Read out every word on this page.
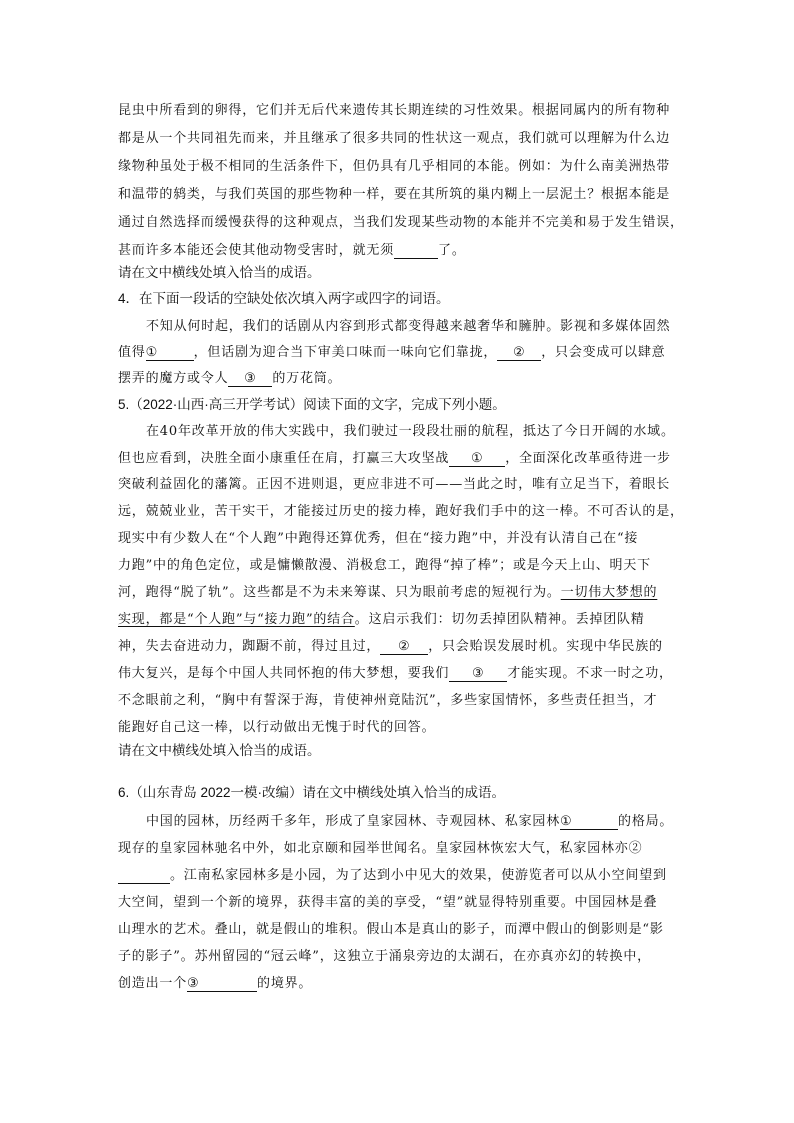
昆虫中所看到的卵得，它们并无后代来遗传其长期连续的习性效果。根据同属内的所有物种
都是从一个共同祖先而来，并且继承了很多共同的性状这一观点，我们就可以理解为什么边
缘物种虽处于极不相同的生活条件下，但仍具有几乎相同的本能。例如：为什么南美洲热带
和温带的鸫类，与我们英国的那些物种一样，要在其所筑的巢内糊上一层泥土？根据本能是
通过自然选择而缓慢获得的这种观点，当我们发现某些动物的本能并不完美和易于发生错误，
甚而许多本能还会使其他动物受害时，就无须	了。
请在文中横线处填入恰当的成语。
4．在下面一段话的空缺处依次填入两字或四字的词语。
不知从何时起，我们的话剧从内容到形式都变得越来越奢华和臃肿。影视和多媒体固然
值得①	，但话剧为迎合当下审美口味而一味向它们靠拢， ② ，只会变成可以肆意
摆弄的魔方或令人 ③ 的万花筒。
5.（2022·山西·高三开学考试）阅读下面的文字，完成下列小题。
在40年改革开放的伟大实践中，我们驶过一段段壮丽的航程，抵达了今日开阔的水域。
但也应看到，决胜全面小康重任在肩，打赢三大攻坚战 ① ，全面深化改革亟待进一步
突破利益固化的藩篱。正因不进则退，更应非进不可——当此之时，唯有立足当下，着眼长
远，兢兢业业，苦干实干，才能接过历史的接力棒，跑好我们手中的这一棒。不可否认的是，
现实中有少数人在“个人跑”中跑得还算优秀，但在“接力跑”中，并没有认清自己在“接
力跑”中的角色定位，或是慵懒散漫、消极怠工，跑得“掉了棒”；或是今天上山、明天下
河，跑得“脱了轨”。这些都是不为未来筹谋、只为眼前考虑的短视行为。一切伟大梦想的
实现，都是“个人跑”与“接力跑”的结合。这启示我们：切勿丢掉团队精神。丢掉团队精
神，失去奋进动力，踟蹰不前，得过且过， ② ，只会贻误发展时机。实现中华民族的
伟大复兴，是每个中国人共同怀抱的伟大梦想，要我们 ③ 才能实现。不求一时之功，
不念眼前之利，“胸中有誓深于海，肯使神州竟陆沉”，多些家国情怀，多些责任担当，才
能跑好自己这一棒，以行动做出无愧于时代的回答。
请在文中横线处填入恰当的成语。
6.（山东青岛 2022一模·改编）请在文中横线处填入恰当的成语。
中国的园林，历经两千多年，形成了皇家园林、寺观园林、私家园林①	的格局。
现存的皇家园林驰名中外，如北京颐和园举世闻名。皇家园林恢宏大气，私家园林亦②
。江南私家园林多是小园，为了达到小中见大的效果，使游览者可以从小空间望到
大空间，望到一个新的境界，获得丰富的美的享受，“望”就显得特别重要。中国园林是叠
山理水的艺术。叠山，就是假山的堆积。假山本是真山的影子，而潭中假山的倒影则是“影
子的影子”。苏州留园的“冠云峰”，这独立于涌泉旁边的太湖石，在亦真亦幻的转换中，
创造出一个③	的境界。
